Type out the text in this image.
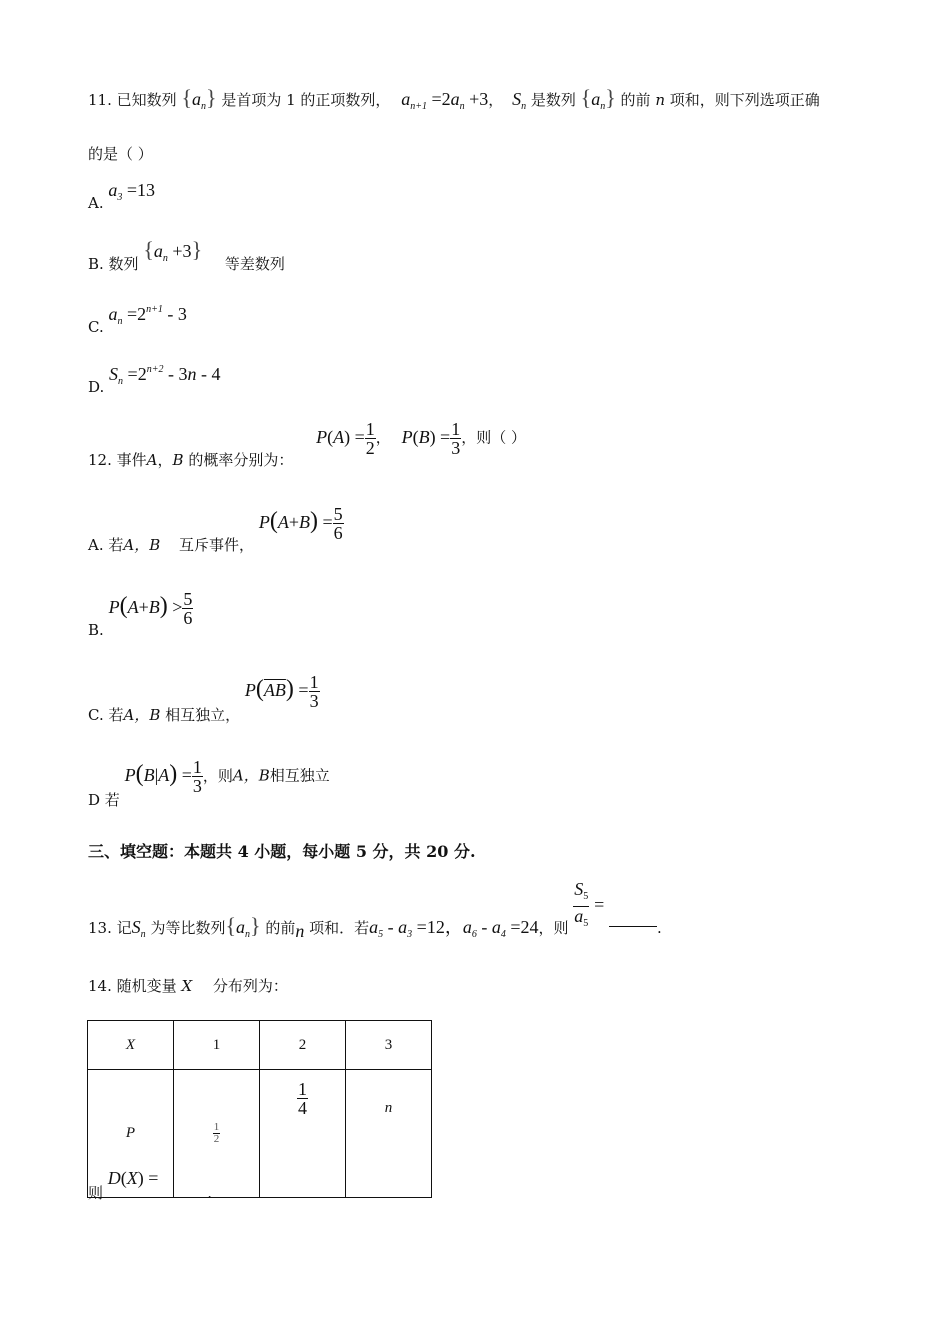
11. 已知数列 $\{a_n\}$ 是首项为 1 的正项数列， $a_{n+1} =2a_n +3$， $S_n$ 是数列 $\{a_n\}$ 的前 n 项和，则下列选项正确
的是（ ）
A. $a_3 =13$
B. 数列 $\{a_n +3\}$ 等差数列
C. $a_n =2^{n+1} - 3$
D. $S_n =2^{n+2} - 3n - 4$
12. 事件A，B 的概率分别为： $P(A) = \frac{1}{2}$ ， $P(B) = \frac{1}{3}$ ，则（ ）
A. 若A，B 互斥事件， $P(A+B) = \frac{5}{6}$
B. $P(A+B) > \frac{5}{6}$
C. 若A，B 相互独立， $P(\overline{AB}) = \frac{1}{3}$
D 若 $P(B|A) = \frac{1}{3}$ ，则A，B相互独立
三、填空题：本题共 4 小题，每小题 5 分，共 20 分.
13. 记$S_n$ 为等比数列$\{a_n\}$ 的前n 项和．若$a_5 - a_3 =12$，$a_6 - a_4 =24$，则 $\frac{S_5}{a_5}$ = .
14. 随机变量 X 分布列为：
X	1	2	3
P	$\frac{1}{2}$	$\frac{1}{4}$	n
则 D(X) = .
